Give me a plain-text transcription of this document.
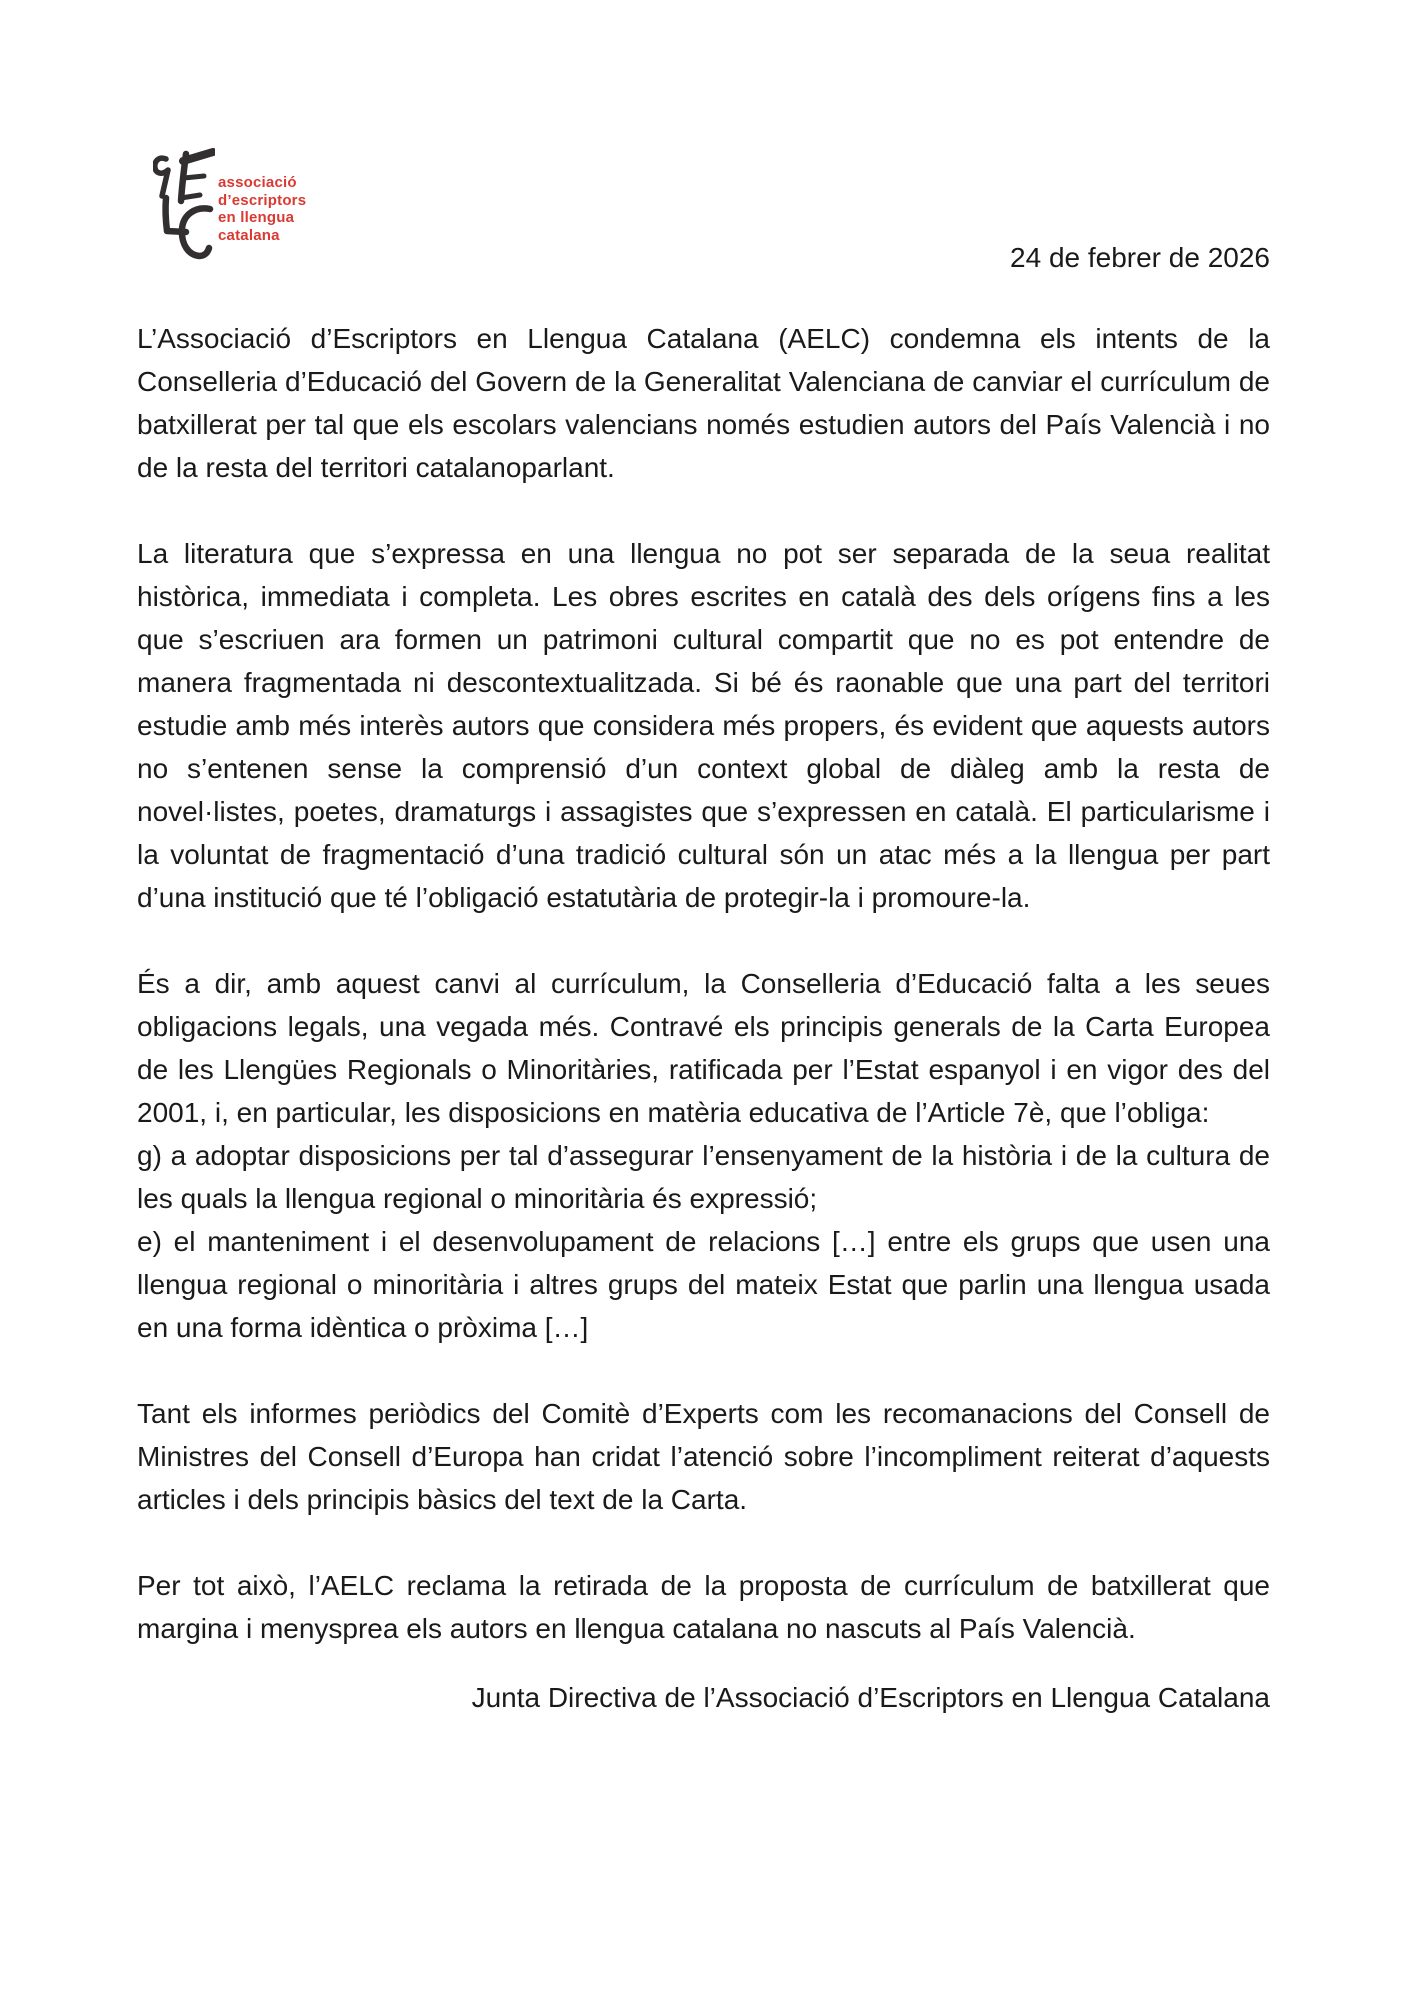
associació
d’escriptors
en llengua
catalana
24 de febrer de 2026
L’Associació d’Escriptors en Llengua Catalana (AELC) condemna els intents de la Conselleria d’Educació del Govern de la Generalitat Valenciana de canviar el currículum de batxillerat per tal que els escolars valencians només estudien autors del País Valencià i no de la resta del territori catalanoparlant.
La literatura que s’expressa en una llengua no pot ser separada de la seua realitat històrica, immediata i completa. Les obres escrites en català des dels orígens fins a les que s’escriuen ara formen un patrimoni cultural compartit que no es pot entendre de manera fragmentada ni descontextualitzada. Si bé és raonable que una part del territori estudie amb més interès autors que considera més propers, és evident que aquests autors no s’entenen sense la comprensió d’un context global de diàleg amb la resta de novel·listes, poetes, dramaturgs i assagistes que s’expressen en català. El particularisme i la voluntat de fragmentació d’una tradició cultural són un atac més a la llengua per part d’una institució que té l’obligació estatutària de protegir-la i promoure-la.
És a dir, amb aquest canvi al currículum, la Conselleria d’Educació falta a les seues obligacions legals, una vegada més. Contravé els principis generals de la Carta Europea de les Llengües Regionals o Minoritàries, ratificada per l’Estat espanyol i en vigor des del 2001, i, en particular, les disposicions en matèria educativa de l’Article 7è, que l’obliga:
g) a adoptar disposicions per tal d’assegurar l’ensenyament de la història i de la cultura de les quals la llengua regional o minoritària és expressió;
e) el manteniment i el desenvolupament de relacions […] entre els grups que usen una llengua regional o minoritària i altres grups del mateix Estat que parlin una llengua usada en una forma idèntica o pròxima […]
Tant els informes periòdics del Comitè d’Experts com les recomanacions del Consell de Ministres del Consell d’Europa han cridat l’atenció sobre l’incompliment reiterat d’aquests articles i dels principis bàsics del text de la Carta.
Per tot això, l’AELC reclama la retirada de la proposta de currículum de batxillerat que margina i menysprea els autors en llengua catalana no nascuts al País Valencià.
Junta Directiva de l’Associació d’Escriptors en Llengua Catalana
